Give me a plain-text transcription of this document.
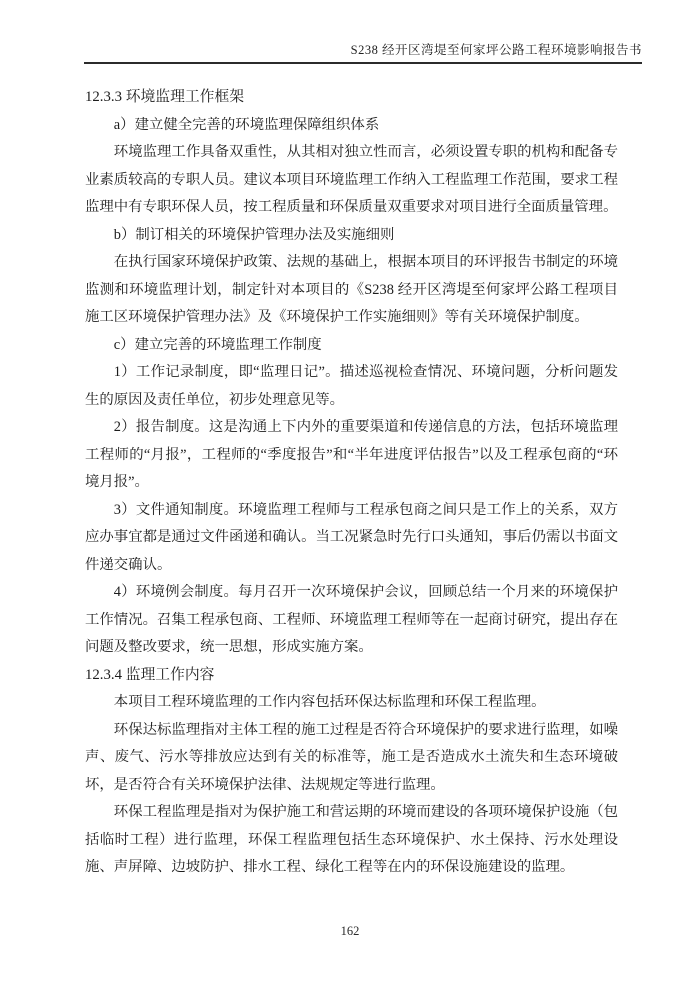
S238 经开区湾堤至何家坪公路工程环境影响报告书
12.3.3 环境监理工作框架
a）建立健全完善的环境监理保障组织体系
环境监理工作具备双重性，从其相对独立性而言，必须设置专职的机构和配备专业素质较高的专职人员。建议本项目环境监理工作纳入工程监理工作范围，要求工程监理中有专职环保人员，按工程质量和环保质量双重要求对项目进行全面质量管理。
b）制订相关的环境保护管理办法及实施细则
在执行国家环境保护政策、法规的基础上，根据本项目的环评报告书制定的环境监测和环境监理计划，制定针对本项目的《S238 经开区湾堤至何家坪公路工程项目施工区环境保护管理办法》及《环境保护工作实施细则》等有关环境保护制度。
c）建立完善的环境监理工作制度
1）工作记录制度，即“监理日记”。描述巡视检查情况、环境问题，分析问题发生的原因及责任单位，初步处理意见等。
2）报告制度。这是沟通上下内外的重要渠道和传递信息的方法，包括环境监理工程师的“月报”，工程师的“季度报告”和“半年进度评估报告”以及工程承包商的“环境月报”。
3）文件通知制度。环境监理工程师与工程承包商之间只是工作上的关系，双方应办事宜都是通过文件函递和确认。当工况紧急时先行口头通知，事后仍需以书面文件递交确认。
4）环境例会制度。每月召开一次环境保护会议，回顾总结一个月来的环境保护工作情况。召集工程承包商、工程师、环境监理工程师等在一起商讨研究，提出存在问题及整改要求，统一思想，形成实施方案。
12.3.4 监理工作内容
本项目工程环境监理的工作内容包括环保达标监理和环保工程监理。
环保达标监理指对主体工程的施工过程是否符合环境保护的要求进行监理，如噪声、废气、污水等排放应达到有关的标准等，施工是否造成水土流失和生态环境破坏，是否符合有关环境保护法律、法规规定等进行监理。
环保工程监理是指对为保护施工和营运期的环境而建设的各项环境保护设施（包括临时工程）进行监理，环保工程监理包括生态环境保护、水土保持、污水处理设施、声屏障、边坡防护、排水工程、绿化工程等在内的环保设施建设的监理。
162
